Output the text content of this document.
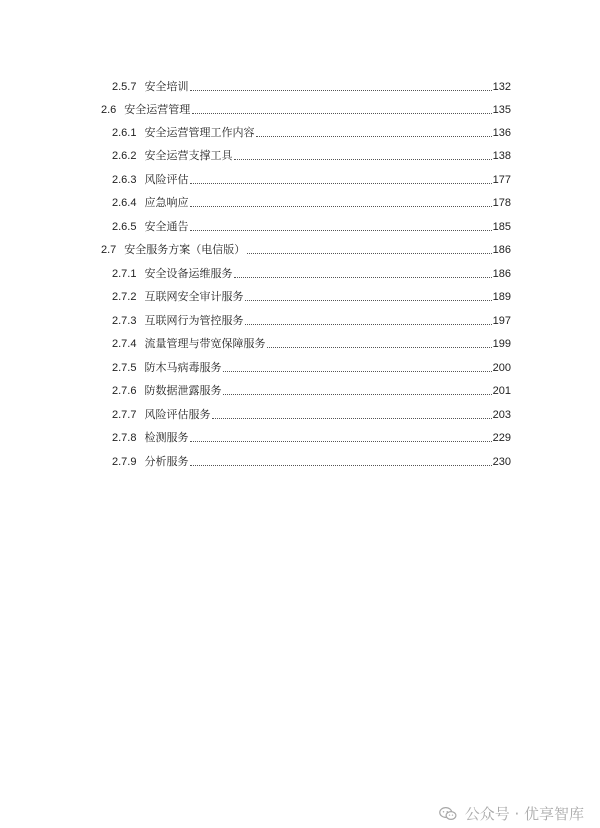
2.5.7 安全培训	132
2.6 安全运营管理	135
2.6.1 安全运营管理工作内容	136
2.6.2 安全运营支撑工具	138
2.6.3 风险评估	177
2.6.4 应急响应	178
2.6.5 安全通告	185
2.7 安全服务方案（电信版）	186
2.7.1 安全设备运维服务	186
2.7.2 互联网安全审计服务	189
2.7.3 互联网行为管控服务	197
2.7.4 流量管理与带宽保障服务	199
2.7.5 防木马病毒服务	200
2.7.6 防数据泄露服务	201
2.7.7 风险评估服务	203
2.7.8 检测服务	229
2.7.9 分析服务	230
公众号 · 优享智库
